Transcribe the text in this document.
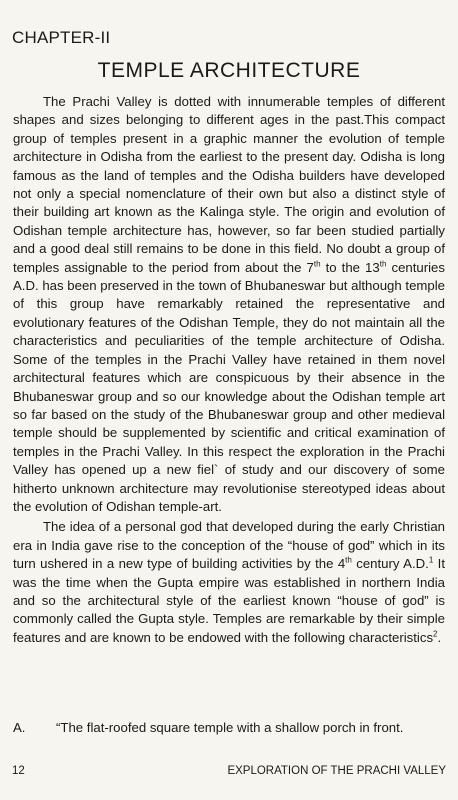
CHAPTER-II
TEMPLE ARCHITECTURE

The Prachi Valley is dotted with innumerable temples of different shapes and sizes belonging to different ages in the past.This compact group of temples present in a graphic manner the evolution of temple architecture in Odisha from the earliest to the present day. Odisha is long famous as the land of temples and the Odisha builders have developed not only a special nomenclature of their own but also a distinct style of their building art known as the Kalinga style. The origin and evolution of Odishan temple architecture has, however, so far been studied partially and a good deal still remains to be done in this field. No doubt a group of temples assignable to the period from about the 7th to the 13th centuries A.D. has been preserved in the town of Bhubaneswar but although temple of this group have remarkably retained the representative and evolutionary features of the Odishan Temple, they do not maintain all the characteristics and peculiarities of the temple architecture of Odisha. Some of the temples in the Prachi Valley have retained in them novel architectural features which are conspicuous by their absence in the Bhubaneswar group and so our knowledge about the Odishan temple art so far based on the study of the Bhubaneswar group and other medieval temple should be supplemented by scientific and critical examination of temples in the Prachi Valley. In this respect the exploration in the Prachi Valley has opened up a new fiel` of study and our discovery of some hitherto unknown architecture may revolutionise stereotyped ideas about the evolution of Odishan temple-art.

The idea of a personal god that developed during the early Christian era in India gave rise to the conception of the “house of god” which in its turn ushered in a new type of building activities by the 4th century A.D.$^1$ It was the time when the Gupta empire was established in northern India and so the architectural style of the earliest known “house of god” is commonly called the Gupta style. Temples are remarkable by their simple features and are known to be endowed with the following characteristics$^2$.

A. “The flat-roofed square temple with a shallow porch in front.
12	EXPLORATION OF THE PRACHI VALLEY
